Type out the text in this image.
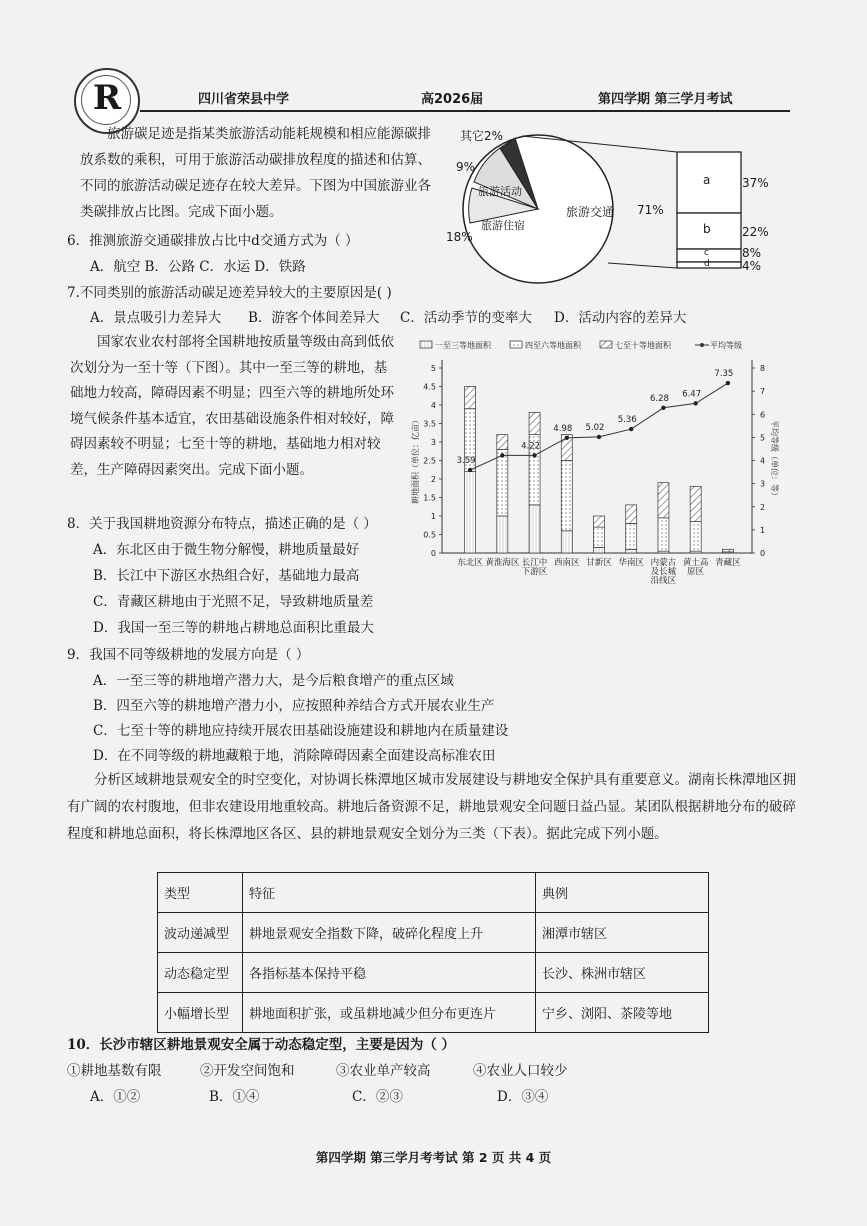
R	四川省荣县中学	高2026届	第四学期 第三学月考试
旅游碳足迹是指某类旅游活动能耗规模和相应能源碳排放系数的乘积，可用于旅游活动碳排放程度的描述和估算、不同的旅游活动碳足迹存在较大差异。下图为中国旅游业各类碳排放占比图。完成下面小题。
其它2%
9%
旅游活动
旅游住宿
18%
旅游交通 71%
a
b
c
d
37%
22%
8%
4%
6．推测旅游交通碳排放占比中d交通方式为（ ）
A．航空 B．公路 C．水运 D．铁路
7.不同类别的旅游活动碳足迹差异较大的主要原因是( )
A．景点吸引力差异大 B．游客个体间差异大 C．活动季节的变率大 D．活动内容的差异大
国家农业农村部将全国耕地按质量等级由高到低依次划分为一至十等（下图）。其中一至三等的耕地，基础地力较高，障碍因素不明显；四至六等的耕地所处环境气候条件基本适宜，农田基础设施条件相对较好，障碍因素较不明显；七至十等的耕地，基础地力相对较差，生产障碍因素突出。完成下面小题。
一至三等地面积	四至六等地面积	七至十等地面积	平均等级
0
0.5
1
1.5
2
2.5
3
3.5
4
4.5
5
0
1
2
3
4
5
6
7
8
耕地面积（单位：亿亩）	平均等级（单位：等）
东北区 黄淮海区 长江中
下游区
西南区 甘新区 华南区 内蒙古
及长城
沿线区
黄土高
原区
青藏区
3.59
4.22
4.98 5.02
5.36
6.28 6.47
7.35
8．关于我国耕地资源分布特点，描述正确的是（ ）
A．东北区由于微生物分解慢，耕地质量最好
B．长江中下游区水热组合好，基础地力最高
C．青藏区耕地由于光照不足，导致耕地质量差
D．我国一至三等的耕地占耕地总面积比重最大
9．我国不同等级耕地的发展方向是（ ）
A．一至三等的耕地增产潜力大，是今后粮食增产的重点区域
B．四至六等的耕地增产潜力小，应按照种养结合方式开展农业生产
C．七至十等的耕地应持续开展农田基础设施建设和耕地内在质量建设
D．在不同等级的耕地藏粮于地，消除障碍因素全面建设高标准农田
分析区域耕地景观安全的时空变化，对协调长株潭地区城市发展建设与耕地安全保护具有重要意义。湖南长株潭地区拥有广阔的农村腹地，但非农建设用地重较高。耕地后备资源不足，耕地景观安全问题日益凸显。某团队根据耕地分布的破碎程度和耕地总面积，将长株潭地区各区、县的耕地景观安全划分为三类（下表）。据此完成下列小题。
类型	特征	典例
波动递减型	耕地景观安全指数下降，破碎化程度上升	湘潭市辖区
动态稳定型	各指标基本保持平稳	长沙、株洲市辖区
小幅增长型	耕地面积扩张，或虽耕地减少但分布更连片	宁乡、浏阳、茶陵等地
10．长沙市辖区耕地景观安全属于动态稳定型，主要是因为（ ）
①耕地基数有限	②开发空间饱和	③农业单产较高	④农业人口较少
A．①②	B．①④	C．②③	D．③④
第四学期 第三学月考考试 第 2 页 共 4 页
